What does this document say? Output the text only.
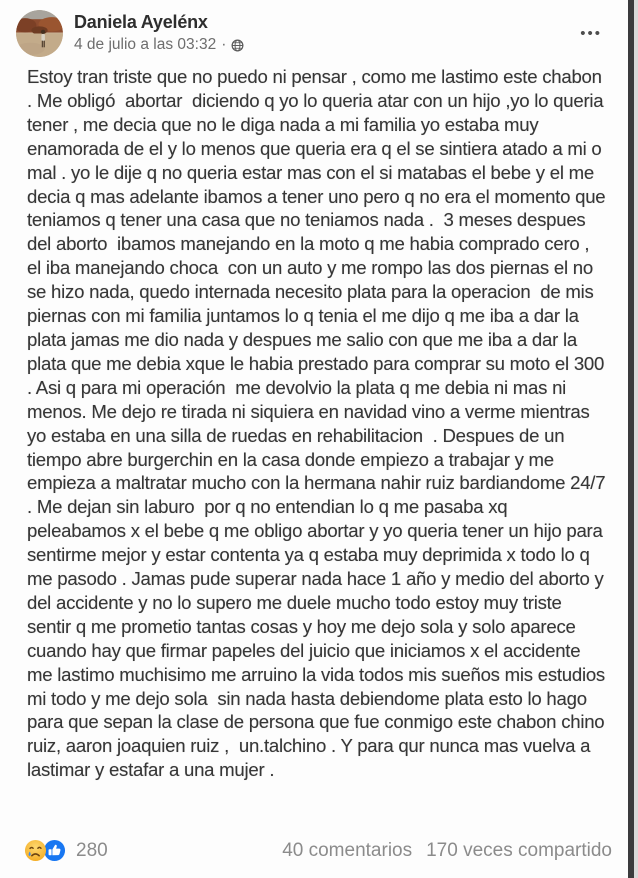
Daniela Ayelénx
4 de julio a las 03:32 ·
•••
Estoy tran triste que no puedo ni pensar , como me lastimo este chabon . Me obligó  abortar  diciendo q yo lo queria atar con un hijo ,yo lo queria tener , me decia que no le diga nada a mi familia yo estaba muy enamorada de el y lo menos que queria era q el se sintiera atado a mi o mal . yo le dije q no queria estar mas con el si matabas el bebe y el me decia q mas adelante ibamos a tener uno pero q no era el momento que teniamos q tener una casa que no teniamos nada .  3 meses despues del aborto  ibamos manejando en la moto q me habia comprado cero , el iba manejando choca  con un auto y me rompo las dos piernas el no se hizo nada, quedo internada necesito plata para la operacion  de mis piernas con mi familia juntamos lo q tenia el me dijo q me iba a dar la plata jamas me dio nada y despues me salio con que me iba a dar la plata que me debia xque le habia prestado para comprar su moto el 300 . Asi q para mi operación  me devolvio la plata q me debia ni mas ni menos. Me dejo re tirada ni siquiera en navidad vino a verme mientras yo estaba en una silla de ruedas en rehabilitacion  . Despues de un tiempo abre burgerchin en la casa donde empiezo a trabajar y me empieza a maltratar mucho con la hermana nahir ruiz bardiandome 24/7  . Me dejan sin laburo  por q no entendian lo q me pasaba xq peleabamos x el bebe q me obligo abortar y yo queria tener un hijo para sentirme mejor y estar contenta ya q estaba muy deprimida x todo lo q me pasodo . Jamas pude superar nada hace 1 año y medio del aborto y del accidente y no lo supero me duele mucho todo estoy muy triste sentir q me prometio tantas cosas y hoy me dejo sola y solo aparece cuando hay que firmar papeles del juicio que iniciamos x el accidente me lastimo muchisimo me arruino la vida todos mis sueños mis estudios mi todo y me dejo sola  sin nada hasta debiendome plata esto lo hago para que sepan la clase de persona que fue conmigo este chabon chino ruiz, aaron joaquien ruiz ,  un.talchino . Y para qur nunca mas vuelva a lastimar y estafar a una mujer .
280	40 comentarios 170 veces compartido
